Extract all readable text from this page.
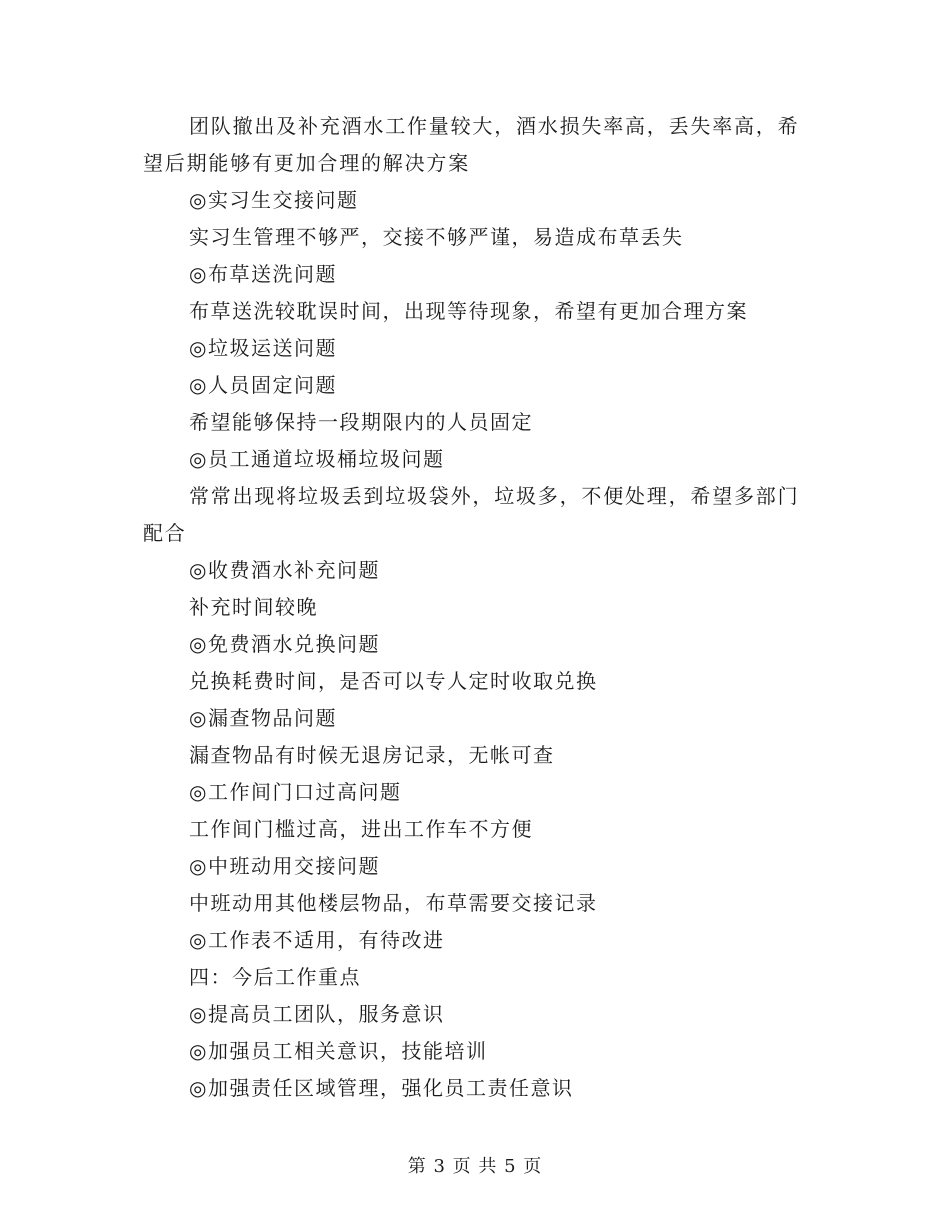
团队撤出及补充酒水工作量较大，酒水损失率高，丢失率高，希望后期能够有更加合理的解决方案
◎实习生交接问题
实习生管理不够严，交接不够严谨，易造成布草丢失
◎布草送洗问题
布草送洗较耽误时间，出现等待现象，希望有更加合理方案
◎垃圾运送问题
◎人员固定问题
希望能够保持一段期限内的人员固定
◎员工通道垃圾桶垃圾问题
常常出现将垃圾丢到垃圾袋外，垃圾多，不便处理，希望多部门配合
◎收费酒水补充问题
补充时间较晚
◎免费酒水兑换问题
兑换耗费时间，是否可以专人定时收取兑换
◎漏查物品问题
漏查物品有时候无退房记录，无帐可查
◎工作间门口过高问题
工作间门槛过高，进出工作车不方便
◎中班动用交接问题
中班动用其他楼层物品，布草需要交接记录
◎工作表不适用，有待改进
四：今后工作重点
◎提高员工团队，服务意识
◎加强员工相关意识，技能培训
◎加强责任区域管理，强化员工责任意识
第 3 页 共 5 页
